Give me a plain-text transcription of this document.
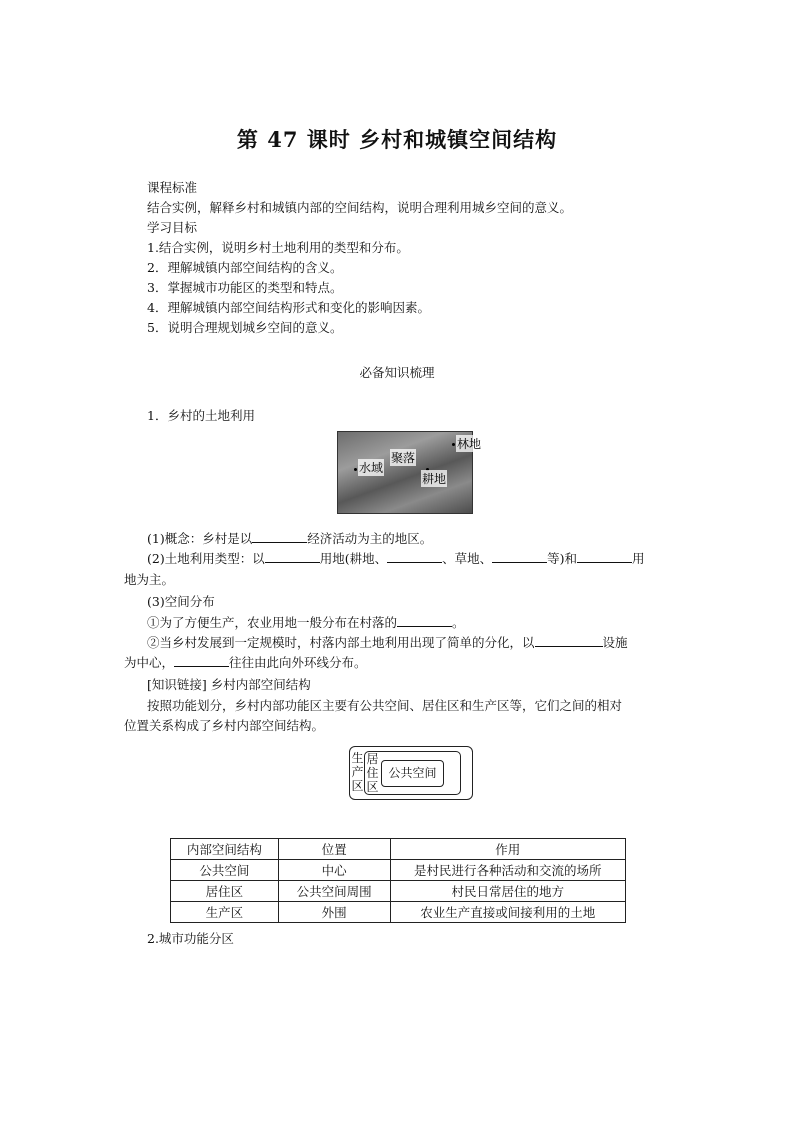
第 47 课时 乡村和城镇空间结构
课程标准
结合实例，解释乡村和城镇内部的空间结构，说明合理利用城乡空间的意义。
学习目标
1.结合实例，说明乡村土地利用的类型和分布。
2．理解城镇内部空间结构的含义。
3．掌握城市功能区的类型和特点。
4．理解城镇内部空间结构形式和变化的影响因素。
5．说明合理规划城乡空间的意义。
必备知识梳理
1．乡村的土地利用
林地
聚落
水域
耕地
(1)概念：乡村是以	经济活动为主的地区。
(2)土地利用类型：以	用地(耕地、	、草地、	等)和	用
地为主。
(3)空间分布
①为了方便生产，农业用地一般分布在村落的	。
②当乡村发展到一定规模时，村落内部土地利用出现了简单的分化，以	设施
为中心，	往往由此向外环线分布。
[知识链接] 乡村内部空间结构
按照功能划分，乡村内部功能区主要有公共空间、居住区和生产区等，它们之间的相对
位置关系构成了乡村内部空间结构。
生产区
居住区
公共空间
内部空间结构	位置	作用
公共空间	中心	是村民进行各种活动和交流的场所
居住区	公共空间周围	村民日常居住的地方
生产区	外围	农业生产直接或间接利用的土地
2.城市功能分区
